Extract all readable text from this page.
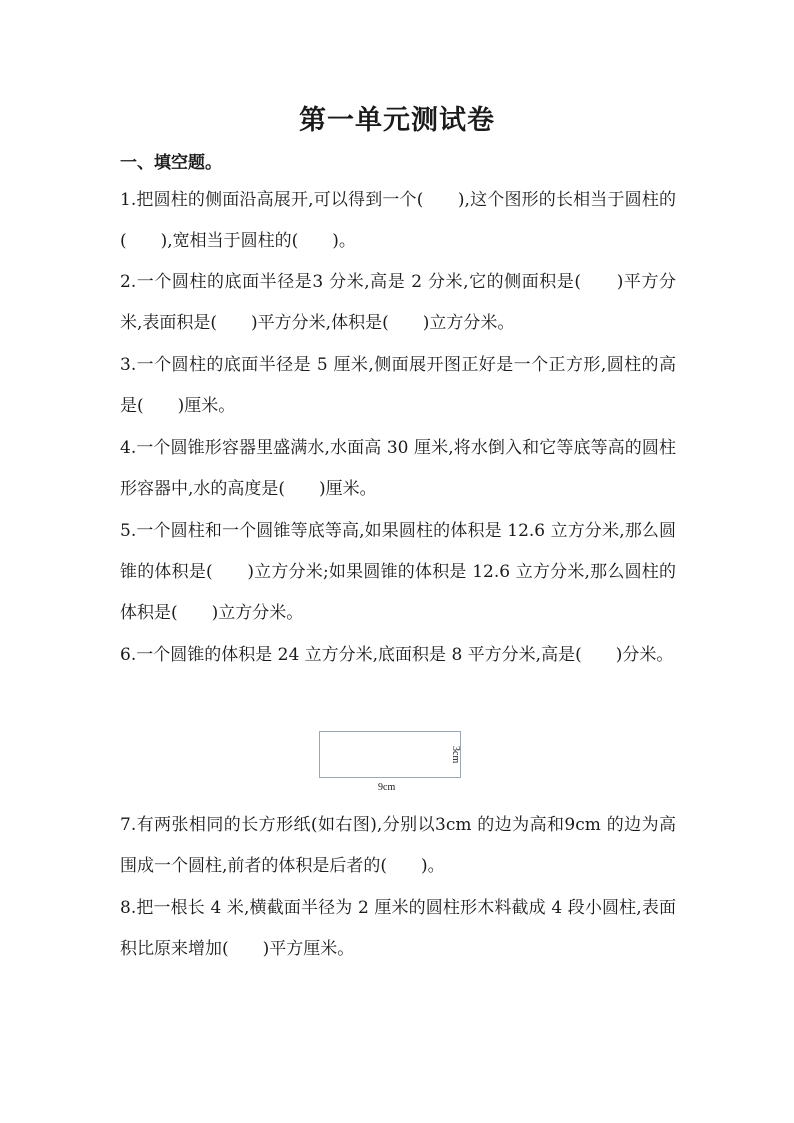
第一单元测试卷

一、填空题。

1.把圆柱的侧面沿高展开,可以得到一个(　　),这个图形的长相当于圆柱的(　　),宽相当于圆柱的(　　)。

2.一个圆柱的底面半径是3 分米,高是 2 分米,它的侧面积是(　　)平方分米,表面积是(　　)平方分米,体积是(　　)立方分米。

3.一个圆柱的底面半径是 5 厘米,侧面展开图正好是一个正方形,圆柱的高是(　　)厘米。

4.一个圆锥形容器里盛满水,水面高 30 厘米,将水倒入和它等底等高的圆柱形容器中,水的高度是(　　)厘米。

5.一个圆柱和一个圆锥等底等高,如果圆柱的体积是 12.6 立方分米,那么圆锥的体积是(　　)立方分米;如果圆锥的体积是 12.6 立方分米,那么圆柱的体积是(　　)立方分米。

6.一个圆锥的体积是 24 立方分米,底面积是 8 平方分米,高是(　　)分米。

3cm
9cm

7.有两张相同的长方形纸(如右图),分别以3cm 的边为高和9cm 的边为高围成一个圆柱,前者的体积是后者的(　　)。

8.把一根长 4 米,横截面半径为 2 厘米的圆柱形木料截成 4 段小圆柱,表面积比原来增加(　　)平方厘米。
